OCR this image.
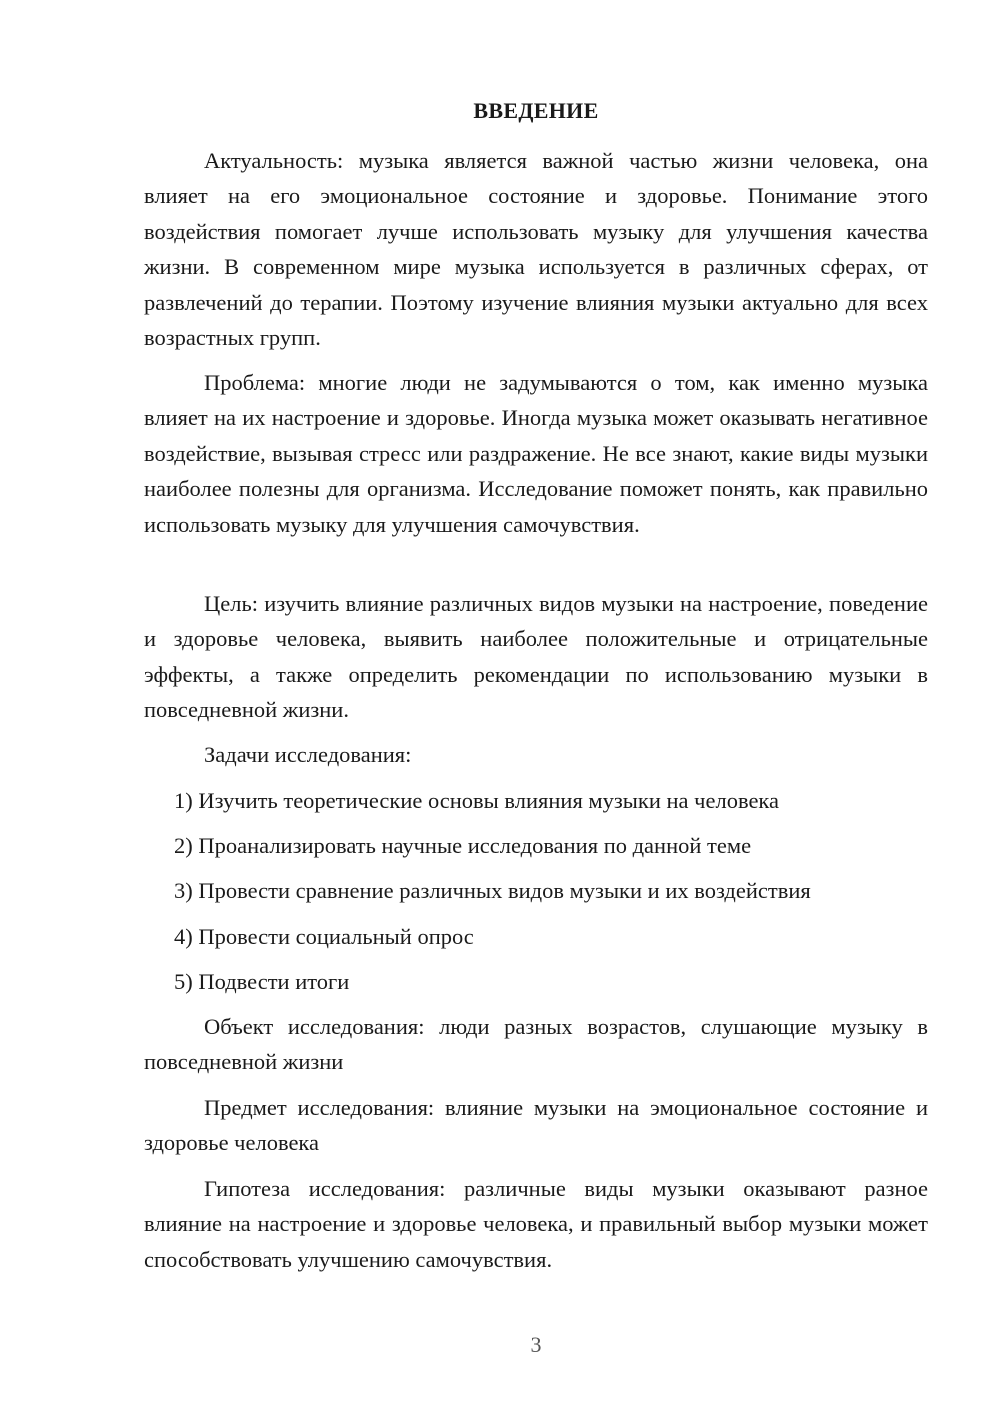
ВВЕДЕНИЕ

Актуальность: музыка является важной частью жизни человека, она влияет на его эмоциональное состояние и здоровье. Понимание этого воздействия помогает лучше использовать музыку для улучшения качества жизни. В современном мире музыка используется в различных сферах, от развлечений до терапии. Поэтому изучение влияния музыки актуально для всех возрастных групп.

Проблема: многие люди не задумываются о том, как именно музыка влияет на их настроение и здоровье. Иногда музыка может оказывать негативное воздействие, вызывая стресс или раздражение. Не все знают, какие виды музыки наиболее полезны для организма. Исследование поможет понять, как правильно использовать музыку для улучшения самочувствия.

Цель: изучить влияние различных видов музыки на настроение, поведение и здоровье человека, выявить наиболее положительные и отрицательные эффекты, а также определить рекомендации по использованию музыки в повседневной жизни.

Задачи исследования:

1) Изучить теоретические основы влияния музыки на человека

2) Проанализировать научные исследования по данной теме

3) Провести сравнение различных видов музыки и их воздействия

4) Провести социальный опрос

5) Подвести итоги

Объект исследования: люди разных возрастов, слушающие музыку в повседневной жизни

Предмет исследования: влияние музыки на эмоциональное состояние и здоровье человека

Гипотеза исследования: различные виды музыки оказывают разное влияние на настроение и здоровье человека, и правильный выбор музыки может способствовать улучшению самочувствия.

3
